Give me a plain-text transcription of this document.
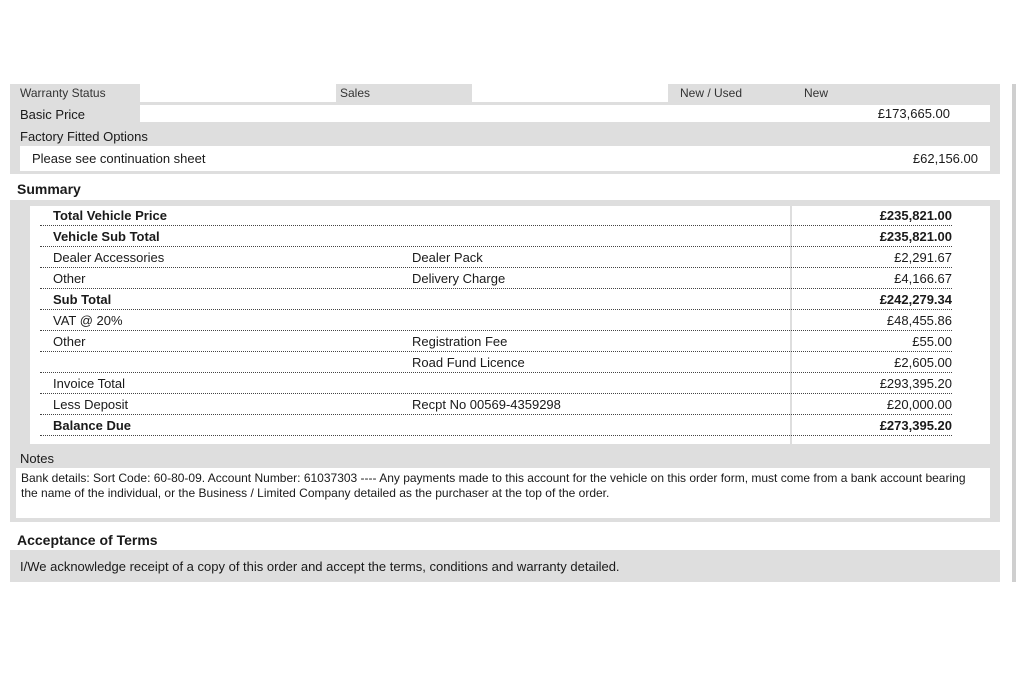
Warranty Status	Sales	New / Used	New
Basic Price	£173,665.00
Factory Fitted Options
Please see continuation sheet	£62,156.00
Summary
Total Vehicle Price	£235,821.00
Vehicle Sub Total	£235,821.00
Dealer Accessories	Dealer Pack	£2,291.67
Other	Delivery Charge	£4,166.67
Sub Total	£242,279.34
VAT @ 20%	£48,455.86
Other	Registration Fee	£55.00
Road Fund Licence	£2,605.00
Invoice Total	£293,395.20
Less Deposit	Recpt No 00569-4359298	£20,000.00
Balance Due	£273,395.20
Notes
Bank details: Sort Code: 60-80-09. Account Number: 61037303 ---- Any payments made to this account for the vehicle on this order form, must come from a bank account bearing the name of the individual, or the Business / Limited Company detailed as the purchaser at the top of the order.
Acceptance of Terms
I/We acknowledge receipt of a copy of this order and accept the terms, conditions and warranty detailed.
